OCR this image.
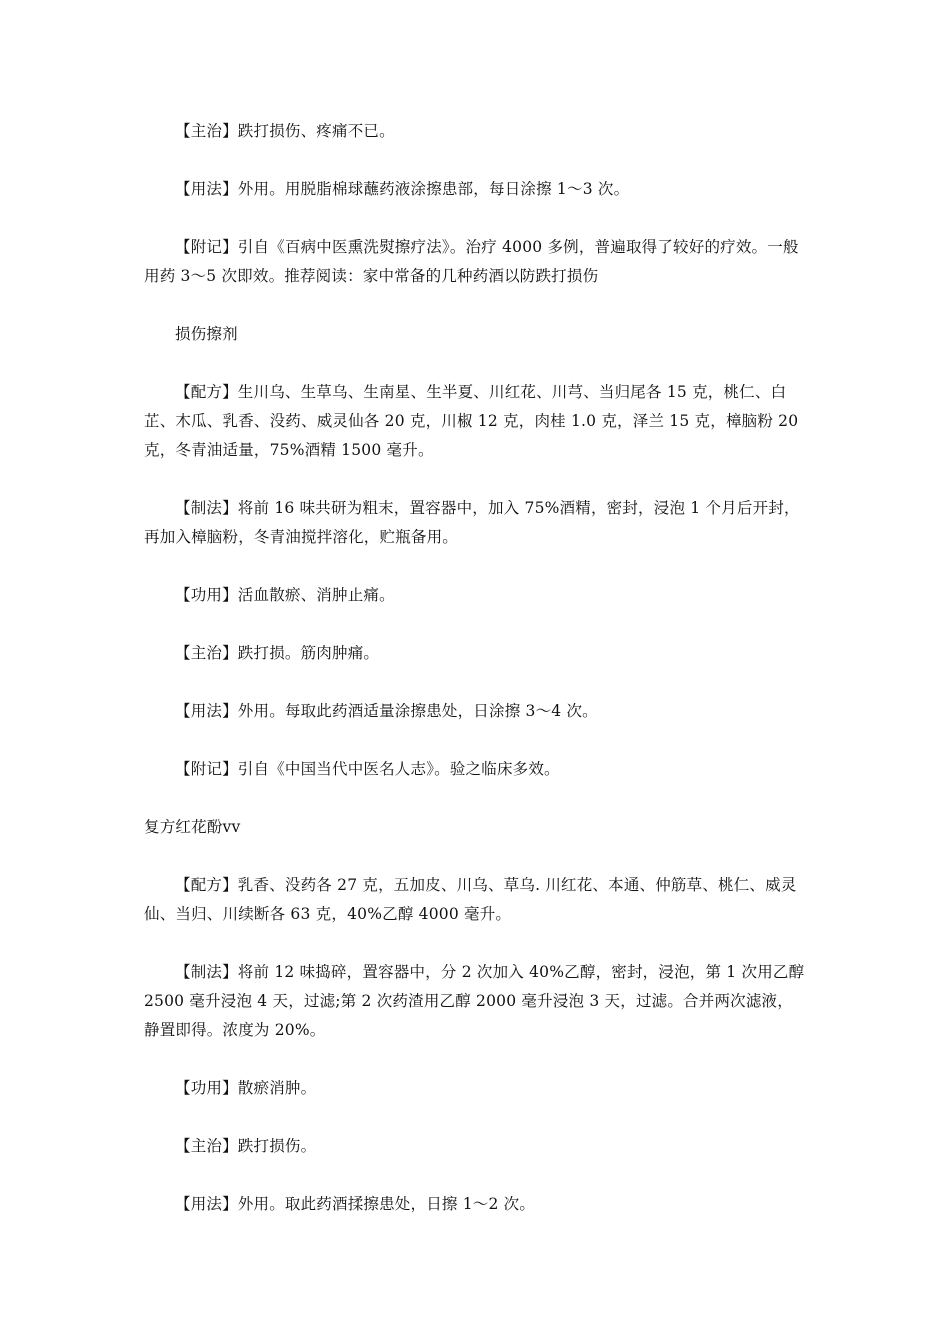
【主治】跌打损伤、疼痛不已。

【用法】外用。用脱脂棉球蘸药液涂擦患部，每日涂擦 1～3 次。

【附记】引自《百病中医熏洗熨擦疗法》。治疗 4000 多例，普遍取得了较好的疗效。一般用药 3～5 次即效。推荐阅读：家中常备的几种药酒以防跌打损伤

损伤擦剂

【配方】生川乌、生草乌、生南星、生半夏、川红花、川芎、当归尾各 15 克，桃仁、白芷、木瓜、乳香、没药、威灵仙各 20 克，川椒 12 克，肉桂 1.0 克，泽兰 15 克，樟脑粉 20 克，冬青油适量，75%酒精 1500 毫升。

【制法】将前 16 味共研为粗末，置容器中，加入 75%酒精，密封，浸泡 1 个月后开封，再加入樟脑粉，冬青油搅拌溶化，贮瓶备用。

【功用】活血散瘀、消肿止痛。

【主治】跌打损。筋肉肿痛。

【用法】外用。每取此药酒适量涂擦患处，日涂擦 3～4 次。

【附记】引自《中国当代中医名人志》。验之临床多效。

复方红花酚vv

【配方】乳香、没药各 27 克，五加皮、川乌、草乌. 川红花、本通、仲筋草、桃仁、威灵仙、当归、川续断各 63 克，40%乙醇 4000 毫升。

【制法】将前 12 味捣碎，置容器中，分 2 次加入 40%乙醇，密封，浸泡，第 1 次用乙醇 2500 毫升浸泡 4 天，过滤;第 2 次药渣用乙醇 2000 毫升浸泡 3 天，过滤。合并两次滤液，静置即得。浓度为 20%。

【功用】散瘀消肿。

【主治】跌打损伤。

【用法】外用。取此药酒揉擦患处，日擦 1～2 次。
